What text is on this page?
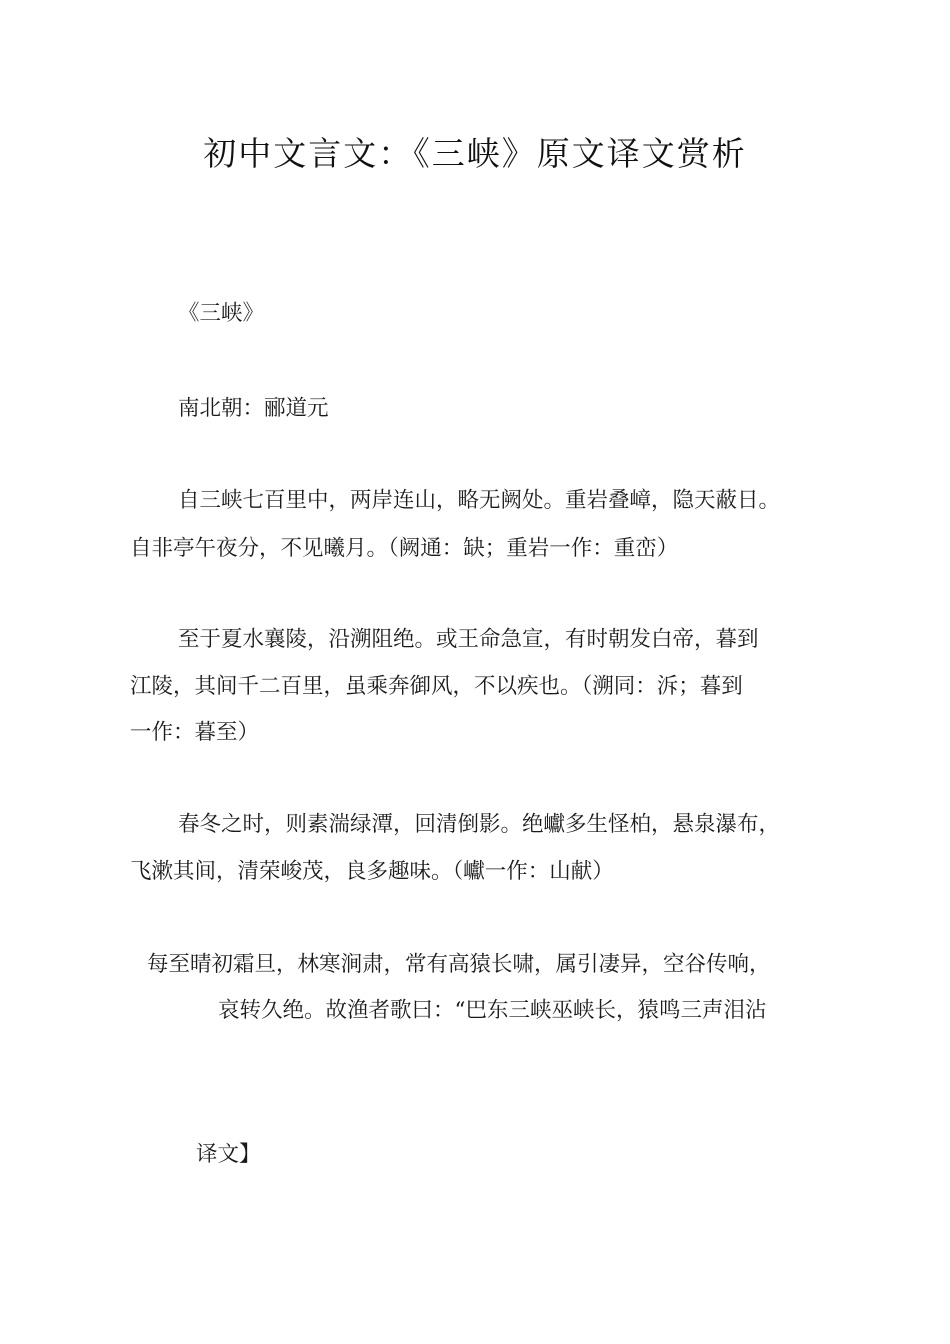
初中文言文：《三峡》原文译文赏析
《三峡》
南北朝：郦道元
自三峡七百里中，两岸连山，略无阙处。重岩叠嶂，隐天蔽日。
自非亭午夜分，不见曦月。（阙通：缺；重岩一作：重峦）
至于夏水襄陵，沿溯阻绝。或王命急宣，有时朝发白帝，暮到
江陵，其间千二百里，虽乘奔御风，不以疾也。（溯同：泝；暮到
一作：暮至）
春冬之时，则素湍绿潭，回清倒影。绝巘多生怪柏，悬泉瀑布，
飞漱其间，清荣峻茂，良多趣味。（巘一作：山献）
每至晴初霜旦，林寒涧肃，常有高猿长啸，属引凄异，空谷传响，
哀转久绝。故渔者歌曰：“巴东三峡巫峡长，猿鸣三声泪沾
译文】
